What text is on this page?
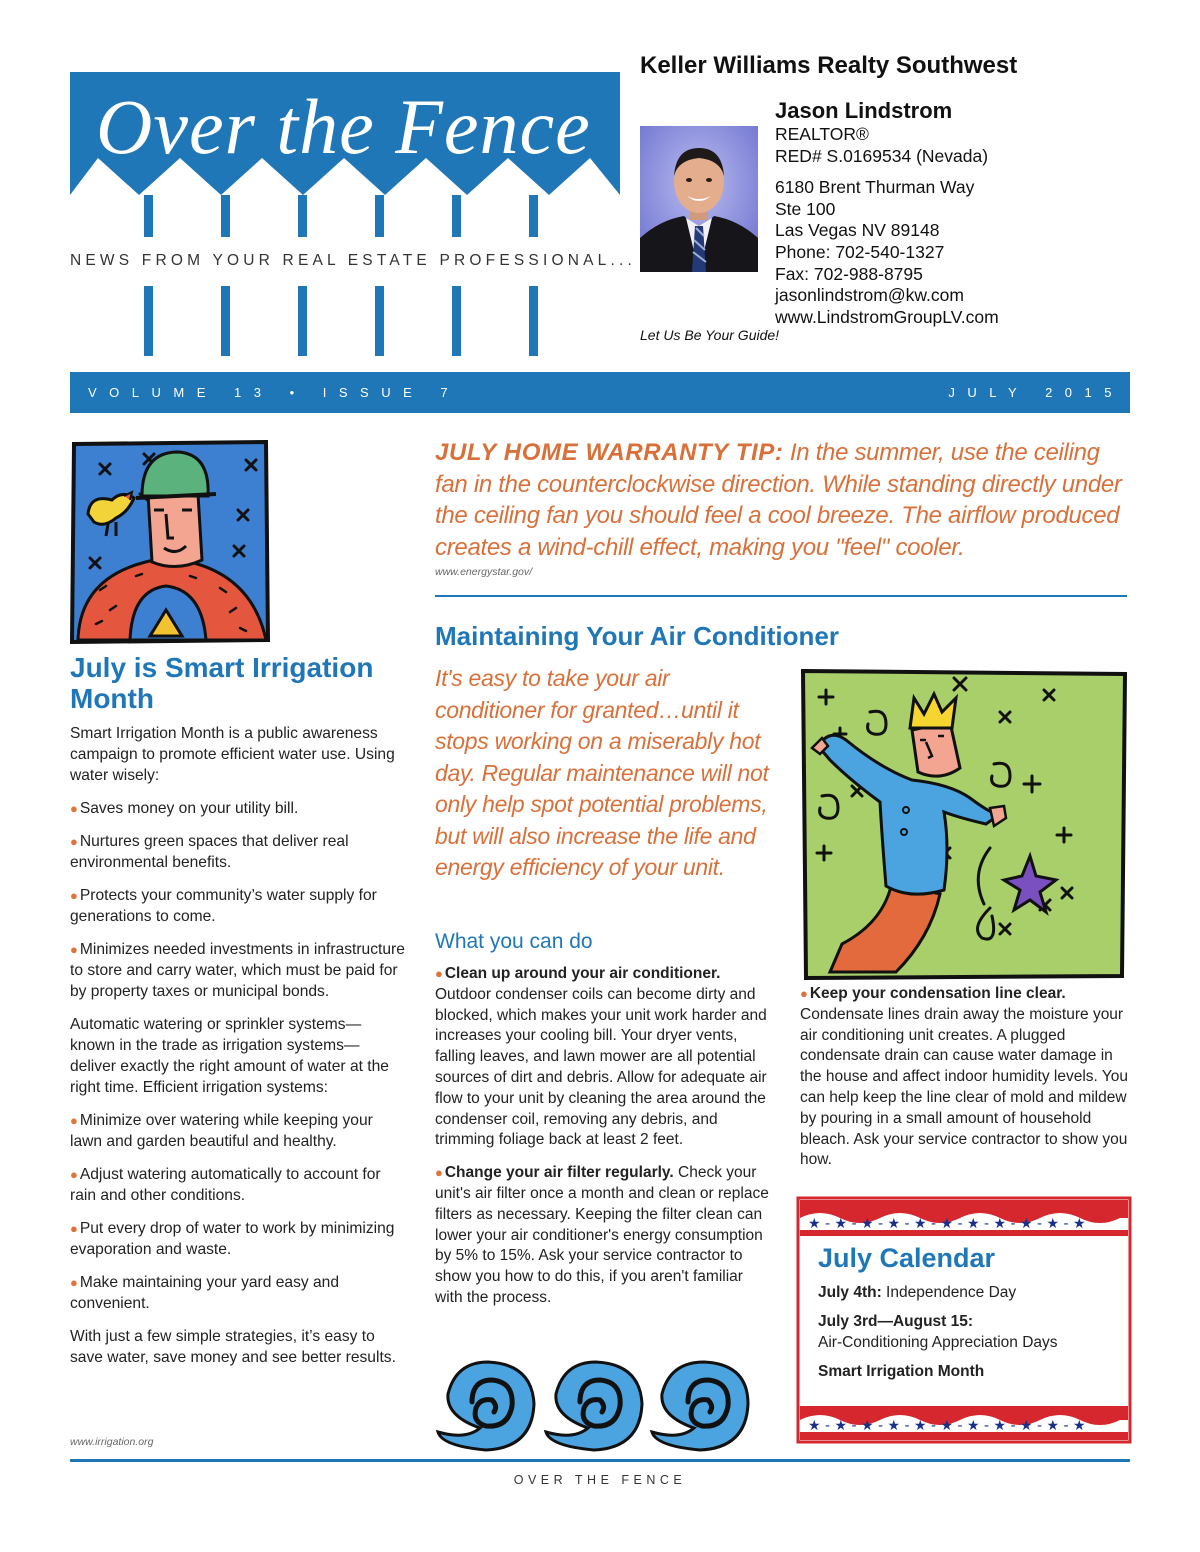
Over the Fence
NEWS FROM YOUR REAL ESTATE PROFESSIONAL...
Keller Williams Realty Southwest
Jason Lindstrom
REALTOR®
RED# S.0169534 (Nevada)
6180 Brent Thurman Way
Ste 100
Las Vegas NV 89148
Phone: 702-540-1327
Fax: 702-988-8795
jasonlindstrom@kw.com
www.LindstromGroupLV.com
Let Us Be Your Guide!
VOLUME 13 • ISSUE 7	JULY 2015
July is Smart Irrigation Month

Smart Irrigation Month is a public awareness campaign to promote efficient water use. Using water wisely:

● Saves money on your utility bill.

● Nurtures green spaces that deliver real environmental benefits.

● Protects your community’s water supply for generations to come.

● Minimizes needed investments in infrastructure to store and carry water, which must be paid for by property taxes or municipal bonds.

Automatic watering or sprinkler systems—known in the trade as irrigation systems—deliver exactly the right amount of water at the right time. Efficient irrigation systems:

● Minimize over watering while keeping your lawn and garden beautiful and healthy.

● Adjust watering automatically to account for rain and other conditions.

● Put every drop of water to work by minimizing evaporation and waste.

● Make maintaining your yard easy and convenient.

With just a few simple strategies, it’s easy to save water, save money and see better results.

www.irrigation.org
JULY HOME WARRANTY TIP: In the summer, use the ceiling fan in the counterclockwise direction. While standing directly under the ceiling fan you should feel a cool breeze. The airflow produced creates a wind-chill effect, making you "feel" cooler.
www.energystar.gov/
Maintaining Your Air Conditioner
It's easy to take your air conditioner for granted…until it stops working on a miserably hot day. Regular maintenance will not only help spot potential problems, but will also increase the life and energy efficiency of your unit.
What you can do

● Clean up around your air conditioner. Outdoor condenser coils can become dirty and blocked, which makes your unit work harder and increases your cooling bill. Your dryer vents, falling leaves, and lawn mower are all potential sources of dirt and debris. Allow for adequate air flow to your unit by cleaning the area around the condenser coil, removing any debris, and trimming foliage back at least 2 feet.

● Change your air filter regularly. Check your unit's air filter once a month and clean or replace filters as necessary. Keeping the filter clean can lower your air conditioner's energy consumption by 5% to 15%. Ask your service contractor to show you how to do this, if you aren't familiar with the process.

● Keep your condensation line clear. Condensate lines drain away the moisture your air conditioning unit creates. A plugged condensate drain can cause water damage in the house and affect indoor humidity levels. You can help keep the line clear of mold and mildew by pouring in a small amount of household bleach. Ask your service contractor to show you how.
★ - ★ - ★ - ★ - ★ - ★ - ★ - ★ - ★ - ★ - ★
★ - ★ - ★ - ★ - ★ - ★ - ★ - ★ - ★ - ★ - ★
July Calendar

July 4th: Independence Day

July 3rd—August 15:
Air-Conditioning Appreciation Days

Smart Irrigation Month

OVER THE FENCE
